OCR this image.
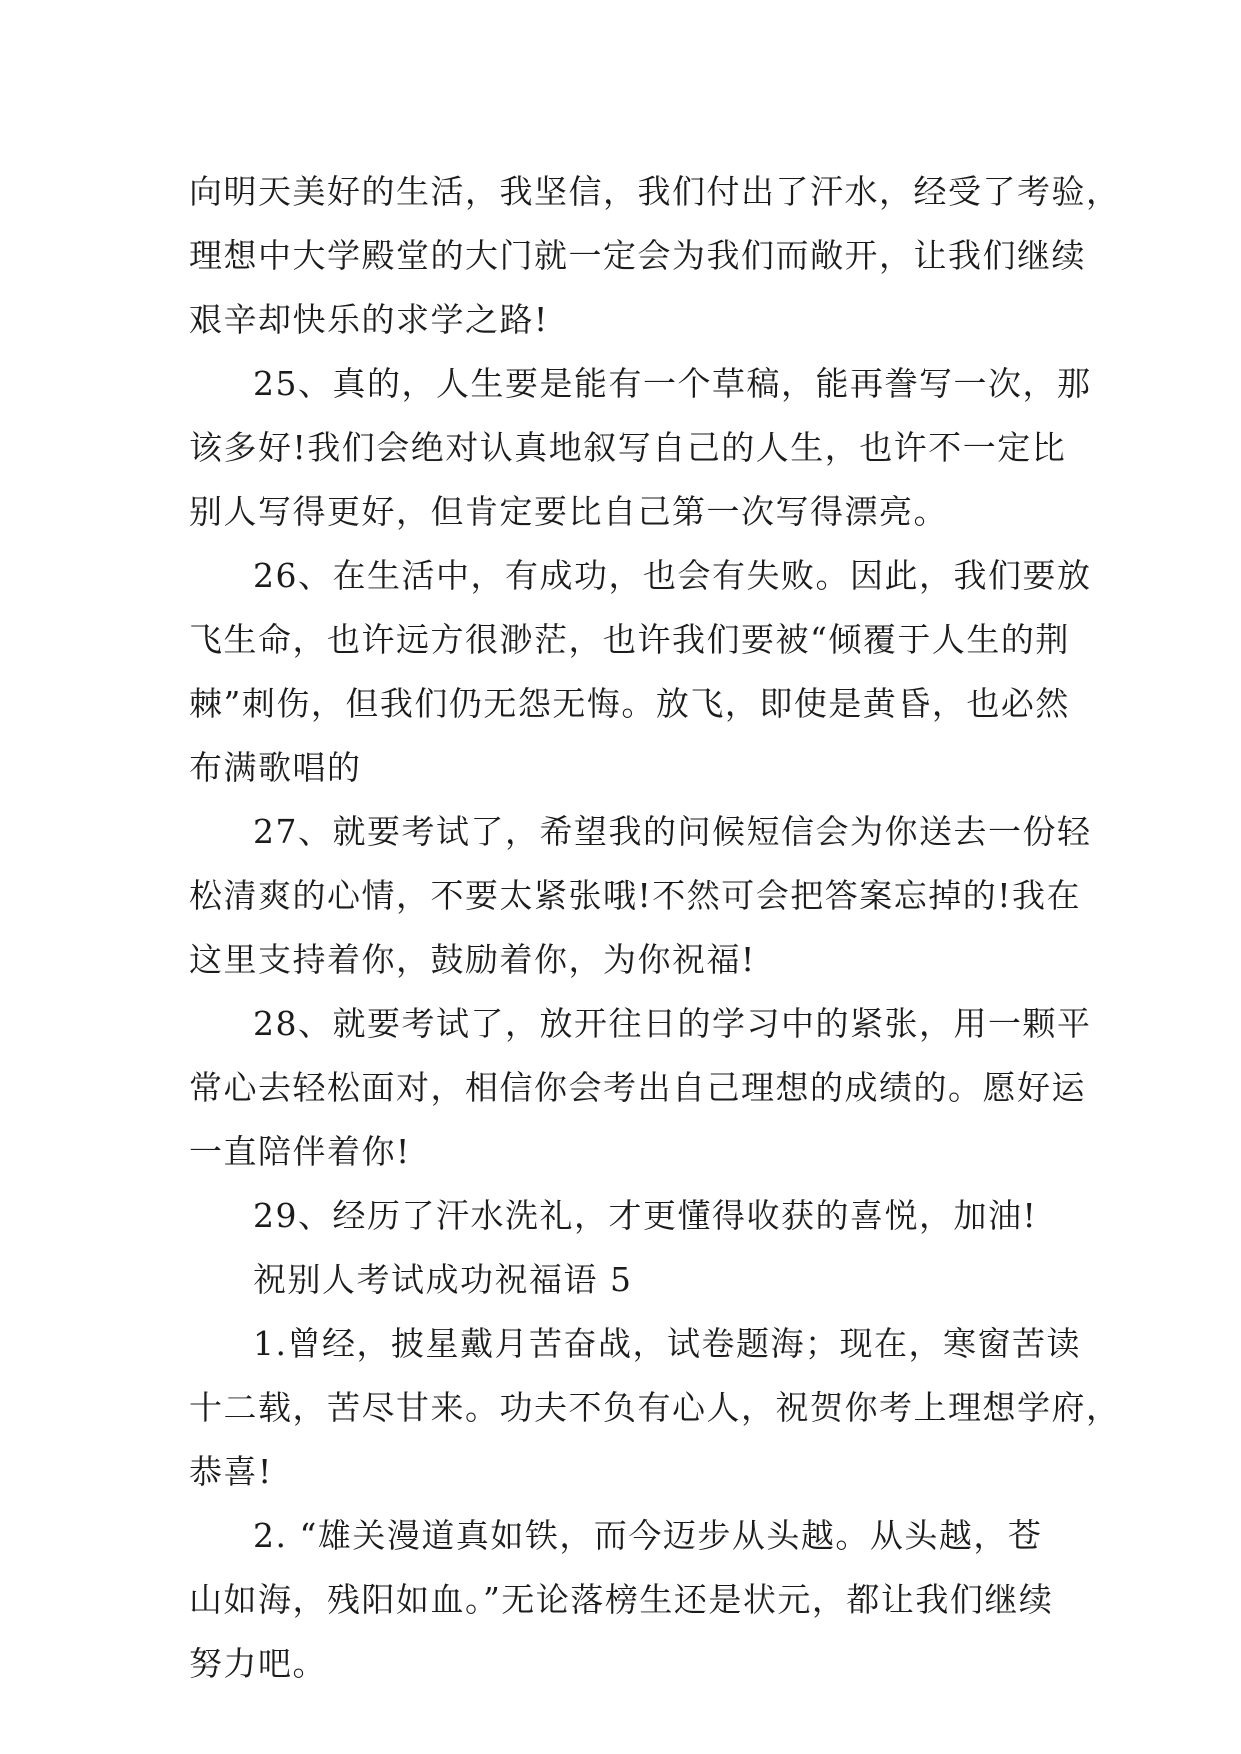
向明天美好的生活，我坚信，我们付出了汗水，经受了考验，
理想中大学殿堂的大门就一定会为我们而敞开，让我们继续
艰辛却快乐的求学之路!
25、真的，人生要是能有一个草稿，能再誊写一次，那
该多好!我们会绝对认真地叙写自己的人生，也许不一定比
别人写得更好，但肯定要比自己第一次写得漂亮。
26、在生活中，有成功，也会有失败。因此，我们要放
飞生命，也许远方很渺茫，也许我们要被“倾覆于人生的荆
棘”刺伤，但我们仍无怨无悔。放飞，即使是黄昏，也必然
布满歌唱的
27、就要考试了，希望我的问候短信会为你送去一份轻
松清爽的心情，不要太紧张哦!不然可会把答案忘掉的!我在
这里支持着你，鼓励着你，为你祝福!
28、就要考试了，放开往日的学习中的紧张，用一颗平
常心去轻松面对，相信你会考出自己理想的成绩的。愿好运
一直陪伴着你!
29、经历了汗水洗礼，才更懂得收获的喜悦，加油!
祝别人考试成功祝福语 5
1.曾经，披星戴月苦奋战，试卷题海；现在，寒窗苦读
十二载，苦尽甘来。功夫不负有心人，祝贺你考上理想学府，
恭喜!
2. “雄关漫道真如铁，而今迈步从头越。从头越，苍
山如海，残阳如血。”无论落榜生还是状元，都让我们继续
努力吧。
